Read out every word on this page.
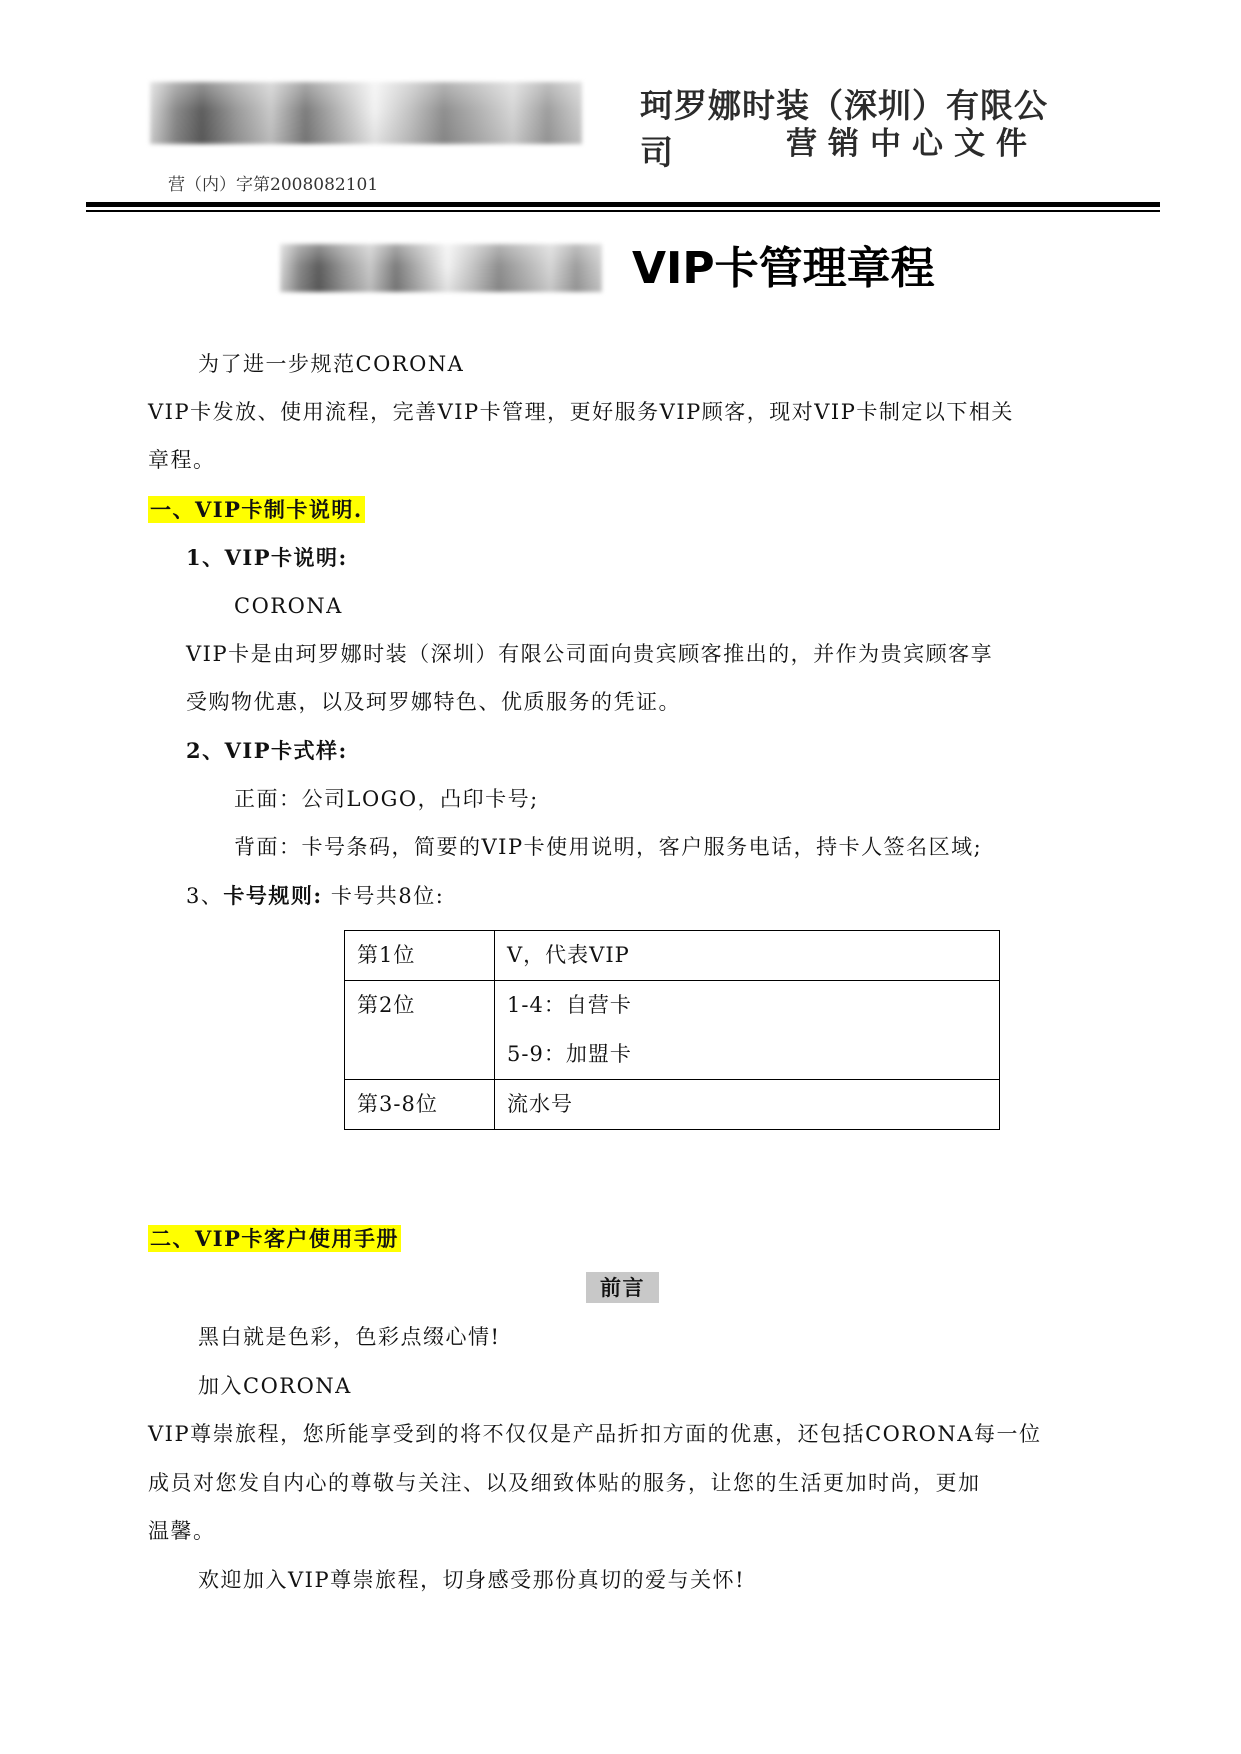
珂罗娜时装（深圳）有限公司	营销中心文件
营（内）字第2008082101
VIP卡管理章程
为了进一步规范CORONA
VIP卡发放、使用流程，完善VIP卡管理，更好服务VIP顾客，现对VIP卡制定以下相关
章程。
一、VIP卡制卡说明.
1、VIP卡说明:
CORONA
VIP卡是由珂罗娜时装（深圳）有限公司面向贵宾顾客推出的，并作为贵宾顾客享
受购物优惠，以及珂罗娜特色、优质服务的凭证。
2、VIP卡式样:
正面：公司LOGO，凸印卡号;
背面：卡号条码，简要的VIP卡使用说明，客户服务电话，持卡人签名区域;
3、卡号规则: 卡号共8位:
第1位	V，代表VIP

第2位	1-4：自营卡
5-9：加盟卡

第3-8位	流水号
二、VIP卡客户使用手册
前言
黑白就是色彩，色彩点缀心情!
加入CORONA
VIP尊崇旅程，您所能享受到的将不仅仅是产品折扣方面的优惠，还包括CORONA每一位
成员对您发自内心的尊敬与关注、以及细致体贴的服务，让您的生活更加时尚，更加
温馨。
欢迎加入VIP尊崇旅程，切身感受那份真切的爱与关怀!
